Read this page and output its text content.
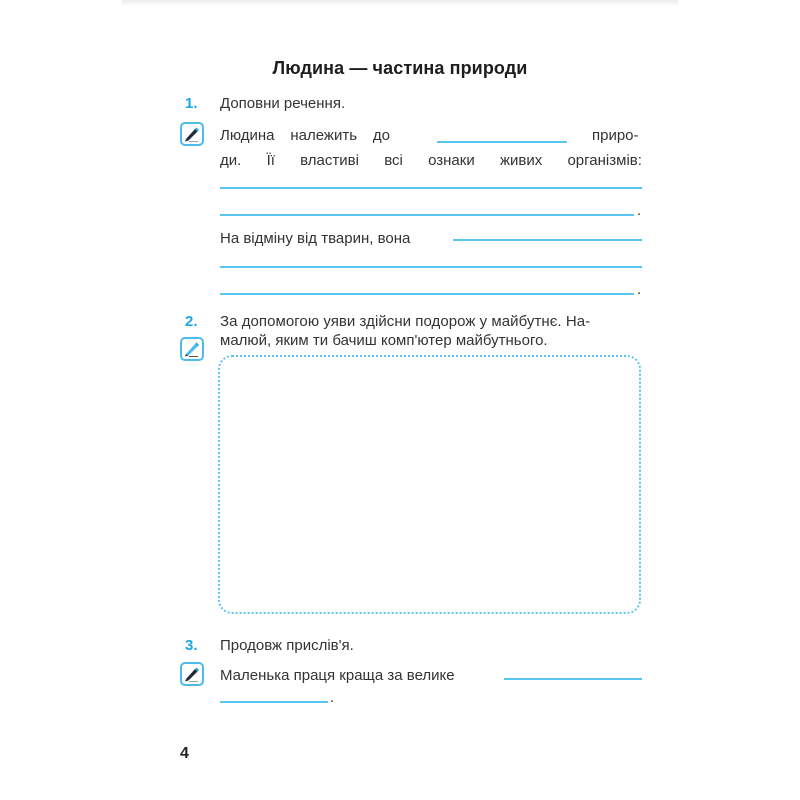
Людина — частина природи
1. Доповни речення.
Людина належить до	приро-
ди. Її властиві всі ознаки живих організмів:
.
На відміну від тварин, вона
.
2. За допомогою уяви здійсни подорож у майбутнє. На-
малюй, яким ти бачиш комп'ютер майбутнього.
3. Продовж прислів'я.
Маленька праця краща за велике
.
4
